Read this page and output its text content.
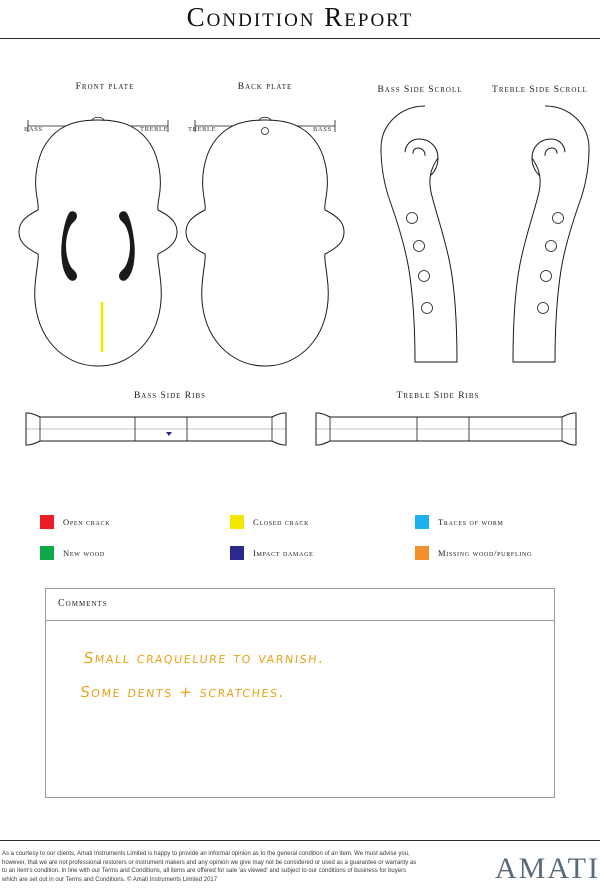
Condition Report
Front plate	Back plate	Bass Side Scroll	Treble Side Scroll
BASS	TREBLE	TREBLE	BASS
Bass Side Ribs	Treble Side Ribs
Open crack	Closed crack	Traces of worm
New wood	Impact damage	Missing wood/purfling
Comments
Small craquelure to varnish.
Some dents + scratches.
As a courtesy to our clients, Amati Instruments Limited is happy to provide an informal opinion as to the general condition of an item. We must advise you, however, that we are not professional restorers or instrument makers and any opinion we give may not be considered or used as a guarantee or warranty as to an item's condition. In line with our Terms and Conditions, all items are offered for sale 'as viewed' and subject to our conditions of business for buyers which are set out in our Terms and Conditions. © Amati Instruments Limited 2017	AMATI
